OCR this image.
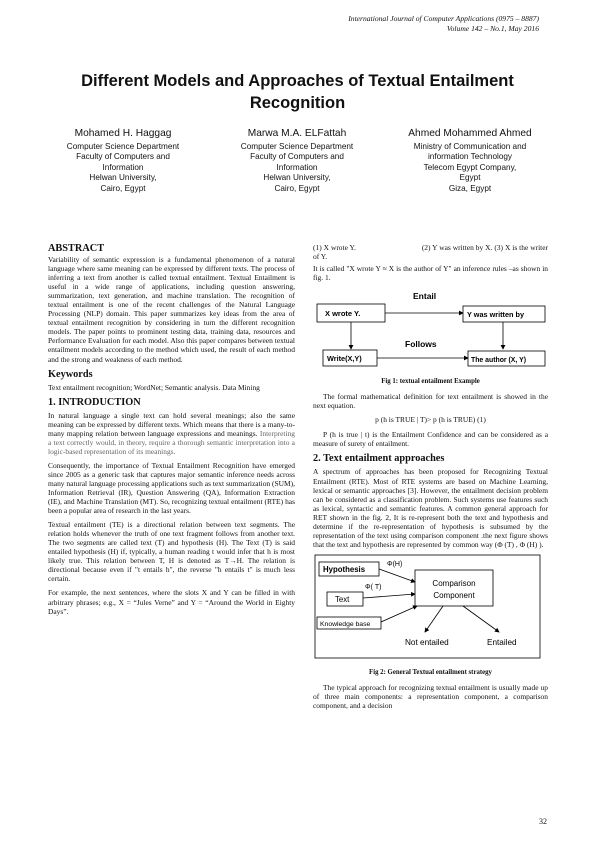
International Journal of Computer Applications (0975 – 8887)
Volume 142 – No.1, May 2016
Different Models and Approaches of Textual Entailment Recognition
Mohamed H. Haggag
Computer Science Department
Faculty of Computers and
Information
Helwan University,
Cairo, Egypt
Marwa M.A. ELFattah
Computer Science Department
Faculty of Computers and
Information
Helwan University,
Cairo, Egypt
Ahmed Mohammed Ahmed
Ministry of Communication and
information Technology
Telecom Egypt Company,
Egypt
Giza, Egypt
ABSTRACT

Variability of semantic expression is a fundamental phenomenon of a natural language where same meaning can be expressed by different texts. The process of inferring a text from another is called textual entailment. Textual Entailment is useful in a wide range of applications, including question answering, summarization, text generation, and machine translation. The recognition of textual entailment is one of the recent challenges of the Natural Language Processing (NLP) domain. This paper summarizes key ideas from the area of textual entailment recognition by considering in turn the different recognition models. The paper points to prominent testing data, training data, resources and Performance Evaluation for each model. Also this paper compares between textual entailment models according to the method which used, the result of each method and the strong and weakness of each method.

Keywords

Text entailment recognition; WordNet; Semantic analysis. Data Mining

1. INTRODUCTION

In natural language a single text can hold several meanings; also the same meaning can be expressed by different texts. Which means that there is a many-to-many mapping relation between language expressions and meanings. Interpreting a text correctly would, in theory, require a thorough semantic interpretation into a logic-based representation of its meanings.

Consequently, the importance of Textual Entailment Recognition have emerged since 2005 as a generic task that captures major semantic inference needs across many natural language processing applications such as text summarization (SUM), Information Retrieval (IR), Question Answering (QA), Information Extraction (IE), and Machine Translation (MT). So, recognizing textual entailment (RTE) has been a popular area of research in the last years.

Textual entailment (TE) is a directional relation between text segments. The relation holds whenever the truth of one text fragment follows from another text. The two segments are called text (T) and hypothesis (H). The Text (T) is said entailed hypothesis (H) if, typically, a human reading t would infer that h is most likely true. This relation between T, H is denoted as T→H. The relation is directional because even if "t entails h", the reverse "h entails t" is much less certain.

For example, the next sentences, where the slots X and Y can be filled in with arbitrary phrases; e.g., X = “Jules Verne” and Y = “Around the World in Eighty Days”.

(1) X wrote Y.	(2) Y was written by X. (3) X is the writer of Y.

It is called "X wrote Y ≈ X is the author of Y" an inference rules –as shown in fig. 1.

Entail
X wrote Y.	Y was written by
Follows
Write(X,Y)	The author (X, Y)
Fig 1: textual entailment Example

The formal mathematical definition for text entailment is showed in the next equation.

p (h is TRUE | T)> p (h is TRUE) (1)

P (h is true | t) is the Entailment Confidence and can be considered as a measure of surety of entailment.

2. Text entailment approaches

A spectrum of approaches has been proposed for Recognizing Textual Entailment (RTE). Most of RTE systems are based on Machine Learning, lexical or semantic approaches [3]. However, the entailment decision problem can be considered as a classification problem. Such systems use features such as lexical, syntactic and semantic features. A common general approach for RET shown in the fig. 2, It is re-represent both the text and hypothesis and determine if the re-representation of hypothesis is subsumed by the representation of the text using comparison component .the next figure shows that the text and hypothesis are represented by common way (Φ (T) , Φ (H) ).

Hypothesis
Φ(H)
Text
Φ( T)	Comparison
Component
Knowledge base
Not entailed	Entailed
Fig 2: General Textual entailment strategy

The typical approach for recognizing textual entailment is usually made up of three main components: a representation component, a comparison component, and a decision

32
